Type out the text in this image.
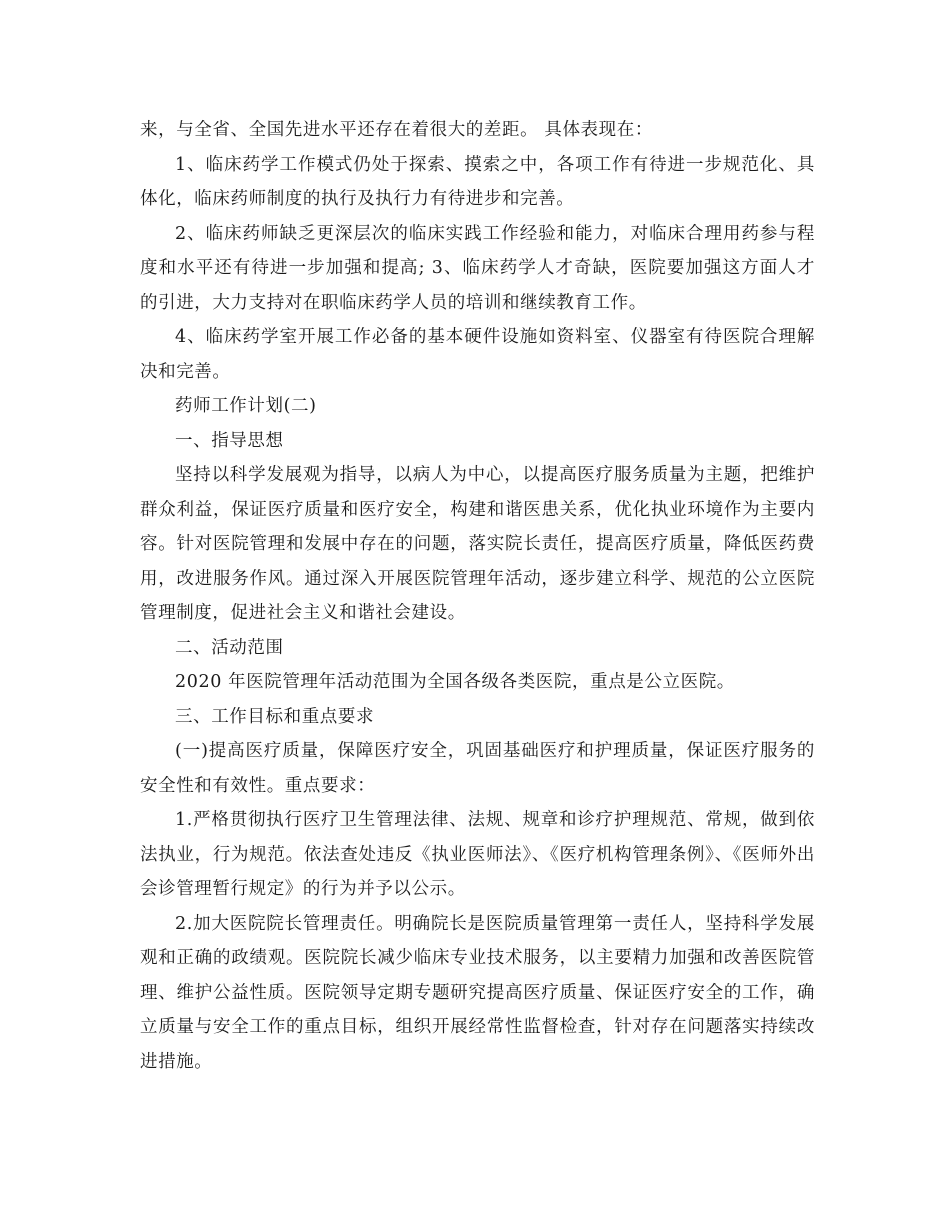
来，与全省、全国先进水平还存在着很大的差距。 具体表现在：

1、临床药学工作模式仍处于探索、摸索之中，各项工作有待进一步规范化、具体化，临床药师制度的执行及执行力有待进步和完善。

2、临床药师缺乏更深层次的临床实践工作经验和能力，对临床合理用药参与程度和水平还有待进一步加强和提高; 3、临床药学人才奇缺，医院要加强这方面人才的引进，大力支持对在职临床药学人员的培训和继续教育工作。

4、临床药学室开展工作必备的基本硬件设施如资料室、仪器室有待医院合理解决和完善。

药师工作计划(二)

一、指导思想

坚持以科学发展观为指导，以病人为中心，以提高医疗服务质量为主题，把维护群众利益，保证医疗质量和医疗安全，构建和谐医患关系，优化执业环境作为主要内容。针对医院管理和发展中存在的问题，落实院长责任，提高医疗质量，降低医药费用，改进服务作风。通过深入开展医院管理年活动，逐步建立科学、规范的公立医院管理制度，促进社会主义和谐社会建设。

二、活动范围

2020 年医院管理年活动范围为全国各级各类医院，重点是公立医院。

三、工作目标和重点要求

(一)提高医疗质量，保障医疗安全，巩固基础医疗和护理质量，保证医疗服务的安全性和有效性。重点要求：

1.严格贯彻执行医疗卫生管理法律、法规、规章和诊疗护理规范、常规，做到依法执业，行为规范。依法查处违反《执业医师法》、《医疗机构管理条例》、《医师外出会诊管理暂行规定》的行为并予以公示。

2.加大医院院长管理责任。明确院长是医院质量管理第一责任人，坚持科学发展观和正确的政绩观。医院院长减少临床专业技术服务，以主要精力加强和改善医院管理、维护公益性质。医院领导定期专题研究提高医疗质量、保证医疗安全的工作，确立质量与安全工作的重点目标，组织开展经常性监督检查，针对存在问题落实持续改进措施。
